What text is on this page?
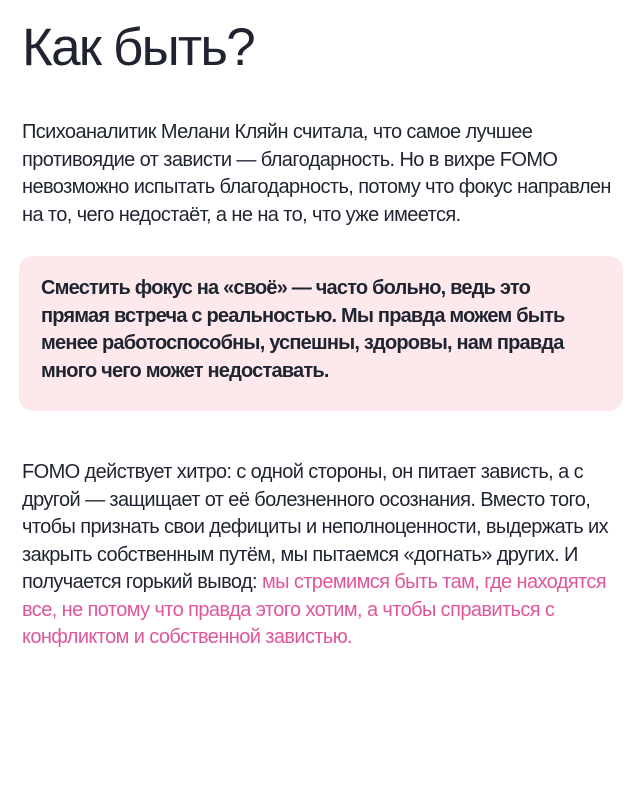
Как быть?

Психоаналитик Мелани Кляйн считала, что самое лучшее противоядие от зависти — благодарность. Но в вихре FOMO невозможно испытать благодарность, потому что фокус направлен на то, чего недостаёт, а не на то, что уже имеется.

Сместить фокус на «своё» — часто больно, ведь это прямая встреча с реальностью. Мы правда можем быть менее работоспособны, успешны, здоровы, нам правда много чего может недоставать.

FOMO действует хитро: с одной стороны, он питает зависть, а с другой — защищает от её болезненного осознания. Вместо того, чтобы признать свои дефициты и неполноценности, выдержать их закрыть собственным путём, мы пытаемся «догнать» других. И получается горький вывод: мы стремимся быть там, где находятся все, не потому что правда этого хотим, а чтобы справиться с конфликтом и собственной завистью.
